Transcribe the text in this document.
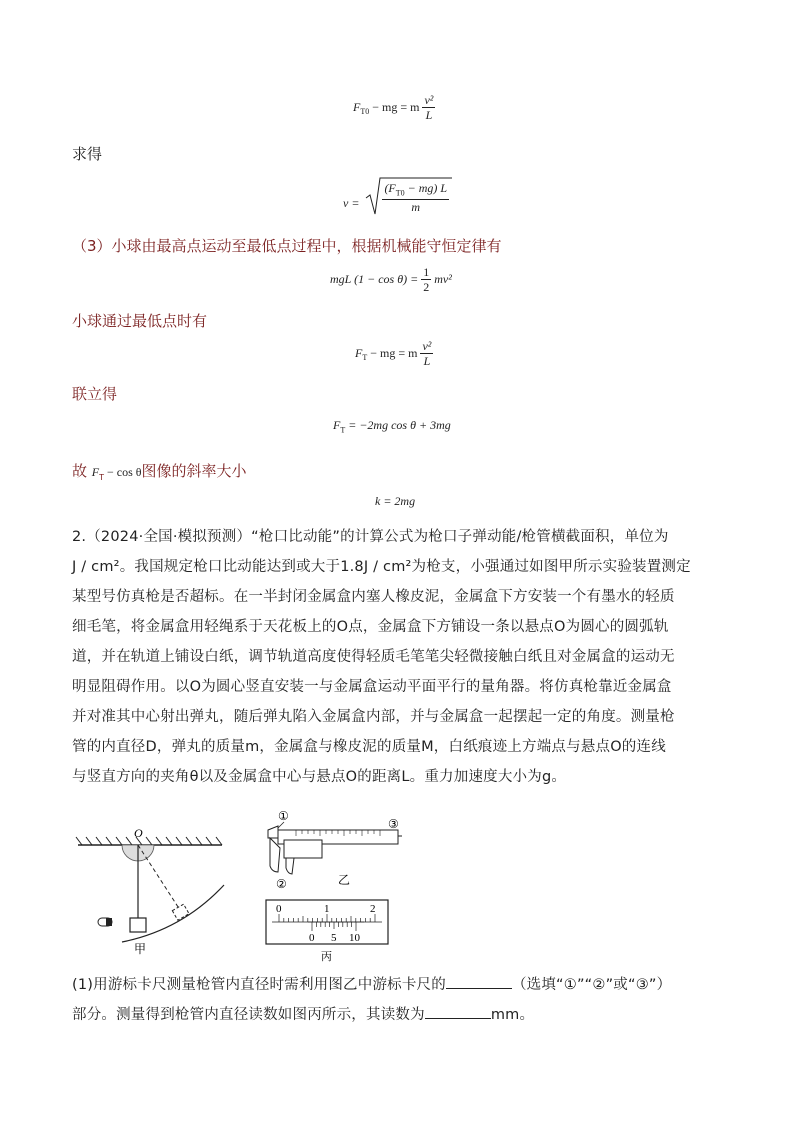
$F_{T0}$ − mg = m $\frac{\text{v²}}{L}$
求得
$v = \frac{(F_{T0} - mg) L}{m}$
（3）小球由最高点运动至最低点过程中，根据机械能守恒定律有
mgL $(1 - \cos \theta) = \frac{1}{2} mv^2$
小球通过最低点时有
$F_T$ − mg = m $\frac{\text{v²}}{L}$
联立得
$F_T = -2mg$ cos θ + 3mg
故 $F_T - \cos \theta$图像的斜率大小
k = 2mg
2.（2024·全国·模拟预测）“枪口比动能”的计算公式为枪口子弹动能/枪管横截面积，单位为
J / cm²。我国规定枪口比动能达到或大于1.8J / cm²为枪支，小强通过如图甲所示实验装置测定
某型号仿真枪是否超标。在一半封闭金属盒内塞人橡皮泥，金属盒下方安装一个有墨水的轻质
细毛笔，将金属盒用轻绳系于天花板上的O点，金属盒下方铺设一条以悬点O为圆心的圆弧轨
道，并在轨道上铺设白纸，调节轨道高度使得轻质毛笔笔尖轻微接触白纸且对金属盒的运动无
明显阻碍作用。以O为圆心竖直安装一与金属盒运动平面平行的量角器。将仿真枪靠近金属盒
并对准其中心射出弹丸，随后弹丸陷入金属盒内部，并与金属盒一起摆起一定的角度。测量枪
管的内直径D，弹丸的质量m，金属盒与橡皮泥的质量M，白纸痕迹上方端点与悬点O的连线
与竖直方向的夹角θ以及金属盒中心与悬点O的距离L。重力加速度大小为g。
O
甲
①
③
②	乙
0	1	2
0 5 10
丙
(1)用游标卡尺测量枪管内直径时需利用图乙中游标卡尺的	（选填“①”“②”或“③”）
部分。测量得到枪管内直径读数如图丙所示，其读数为	mm。
